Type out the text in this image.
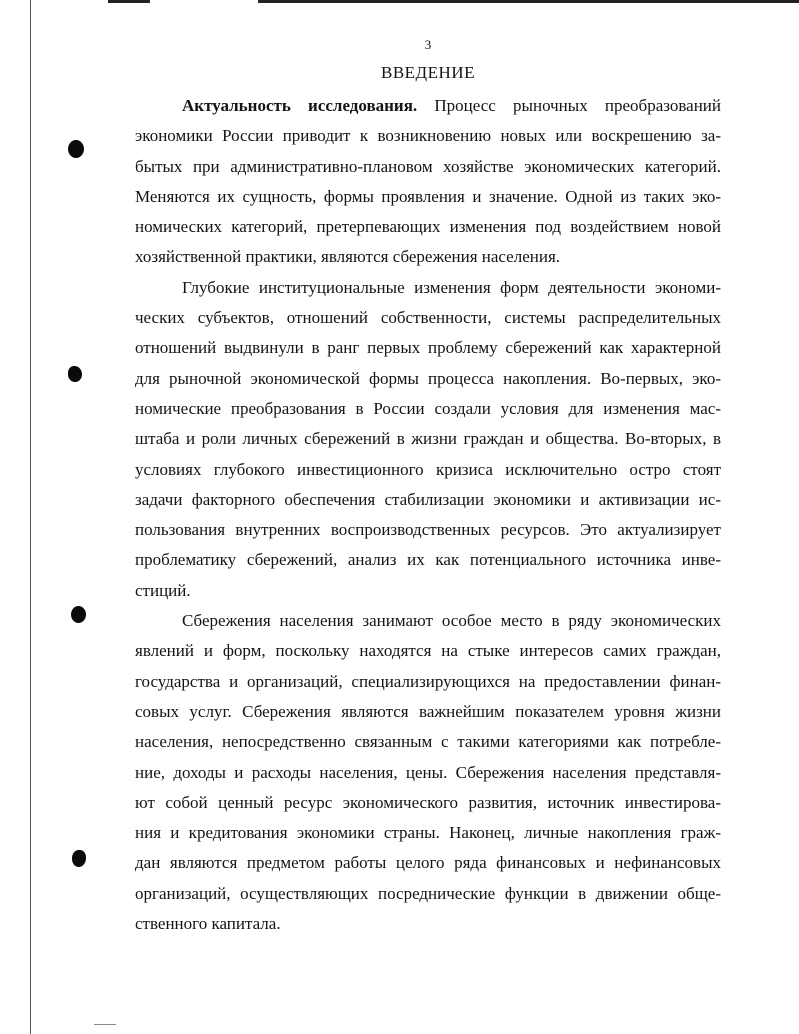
3
ВВЕДЕНИЕ
Актуальность исследования. Процесс рыночных преобразований
экономики России приводит к возникновению новых или воскрешению за-
бытых при административно-плановом хозяйстве экономических категорий.
Меняются их сущность, формы проявления и значение. Одной из таких эко-
номических категорий, претерпевающих изменения под воздействием новой
хозяйственной практики, являются сбережения населения.
Глубокие институциональные изменения форм деятельности экономи-
ческих субъектов, отношений собственности, системы распределительных
отношений выдвинули в ранг первых проблему сбережений как характерной
для рыночной экономической формы процесса накопления. Во-первых, эко-
номические преобразования в России создали условия для изменения мас-
штаба и роли личных сбережений в жизни граждан и общества. Во-вторых, в
условиях глубокого инвестиционного кризиса исключительно остро стоят
задачи факторного обеспечения стабилизации экономики и активизации ис-
пользования внутренних воспроизводственных ресурсов. Это актуализирует
проблематику сбережений, анализ их как потенциального источника инве-
стиций.
Сбережения населения занимают особое место в ряду экономических
явлений и форм, поскольку находятся на стыке интересов самих граждан,
государства и организаций, специализирующихся на предоставлении финан-
совых услуг. Сбережения являются важнейшим показателем уровня жизни
населения, непосредственно связанным с такими категориями как потребле-
ние, доходы и расходы населения, цены. Сбережения населения представля-
ют собой ценный ресурс экономического развития, источник инвестирова-
ния и кредитования экономики страны. Наконец, личные накопления граж-
дан являются предметом работы целого ряда финансовых и нефинансовых
организаций, осуществляющих посреднические функции в движении обще-
ственного капитала.
